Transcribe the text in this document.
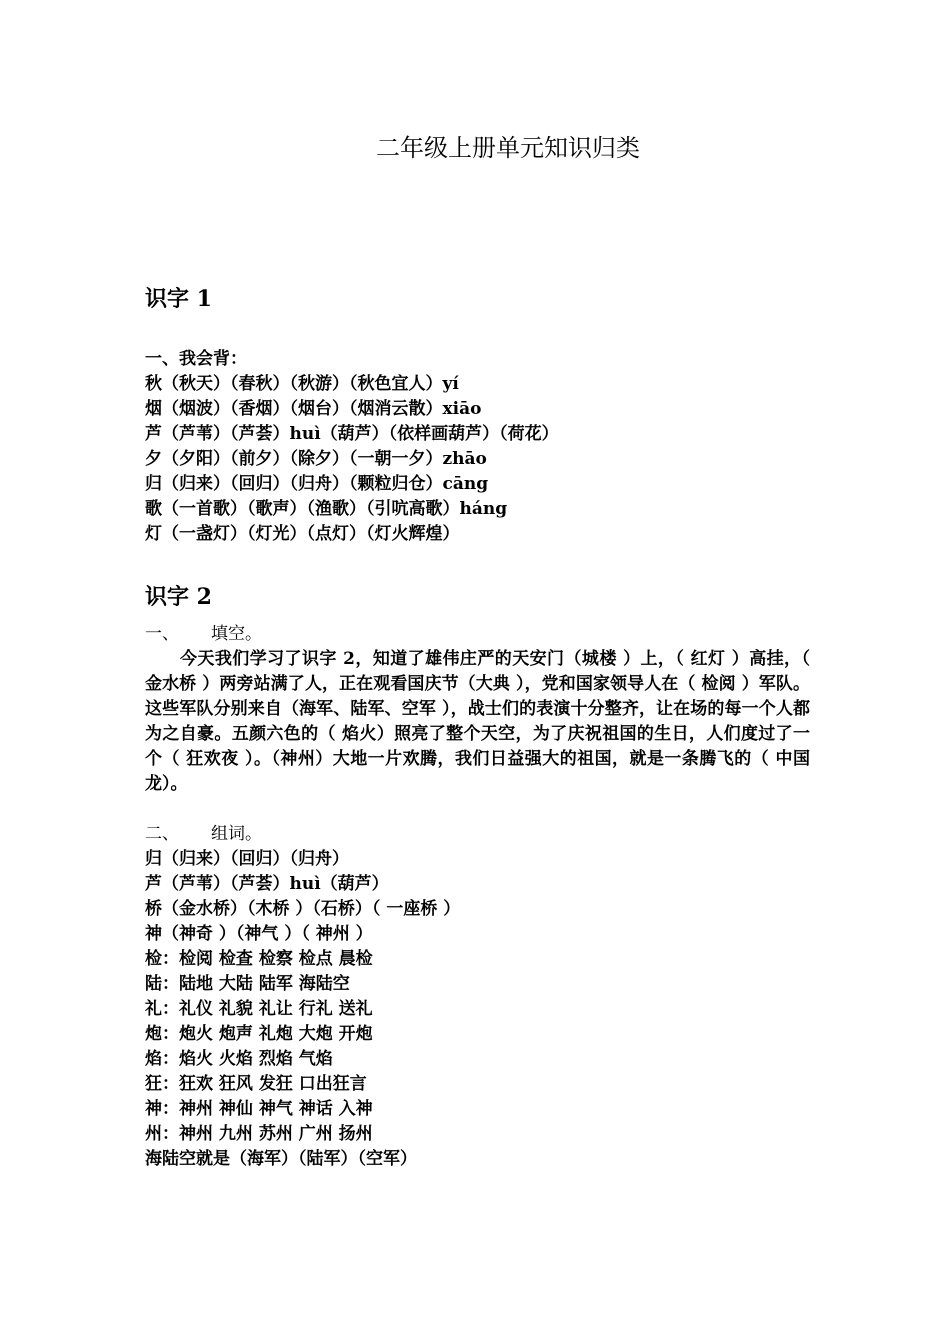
二年级上册单元知识归类
识字 1

一、我会背：

秋（秋天）（春秋）（秋游）（秋色宜人）yí

烟（烟波）（香烟）（烟台）（烟消云散）xiāo

芦（芦苇）（芦荟）huì（葫芦）（依样画葫芦）（荷花）

夕（夕阳）（前夕）（除夕）（一朝一夕）zhāo

归（归来）（回归）（归舟）（颗粒归仓）cāng

歌（一首歌）（歌声）（渔歌）（引吭高歌）háng

灯（一盏灯）（灯光）（点灯）（灯火辉煌）

识字 2

一、 填空。

今天我们学习了识字 2，知道了雄伟庄严的天安门（城楼 ）上，（ 红灯 ）高挂，（ 金水桥 ）两旁站满了人，正在观看国庆节（大典 ），党和国家领导人在（ 检阅 ）军队。这些军队分别来自（海军、陆军、空军 ），战士们的表演十分整齐，让在场的每一个人都为之自豪。五颜六色的（ 焰火）照亮了整个天空，为了庆祝祖国的生日，人们度过了一个（ 狂欢夜 ）。（神州）大地一片欢腾，我们日益强大的祖国，就是一条腾飞的（ 中国龙）。

二、 组词。

归（归来）（回归）（归舟）

芦（芦苇）（芦荟）huì（葫芦）

桥（金水桥）（木桥 ）（石桥）（ 一座桥 ）

神（神奇 ）（神气 ）（ 神州 ）

检：检阅 检查 检察 检点 晨检

陆：陆地 大陆 陆军 海陆空

礼：礼仪 礼貌 礼让 行礼 送礼

炮：炮火 炮声 礼炮 大炮 开炮

焰：焰火 火焰 烈焰 气焰

狂：狂欢 狂风 发狂 口出狂言

神：神州 神仙 神气 神话 入神

州：神州 九州 苏州 广州 扬州

海陆空就是（海军）（陆军）（空军）
